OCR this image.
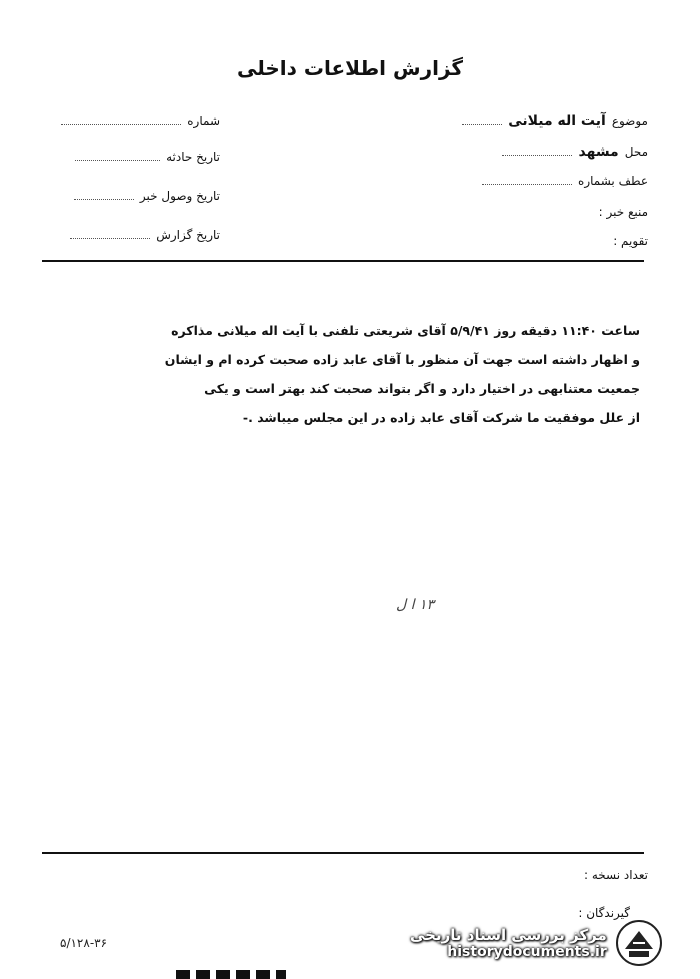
گزارش اطلاعات داخلی
موضوع
آیت اله میلانی
محل
مشهد
عطف بشماره
منبع خبر :
تقویم :
شماره
تاریخ حادثه
تاریخ وصول خبر
تاریخ گزارش
ساعت ۱۱:۴۰ دقیقه روز ۵/۹/۴۱ آقای شریعتی تلفنی با آیت اله میلانی مذاکره
و اظهار داشته است جهت آن منظور با آقای عابد زاده صحبت کرده ام و ایشان
جمعیت معتنابهی در اختیار دارد و اگر بتواند صحبت کند بهتر است و یکی
از علل موفقیت ما شرکت آقای عابد زاده در این مجلس میباشد .-
۱۳ ا ل
تعداد نسخه :
گیرندگان :
۵/۱۲۸-۳۶	مرکز بررسی اسناد تاریخی
historydocuments.ir
